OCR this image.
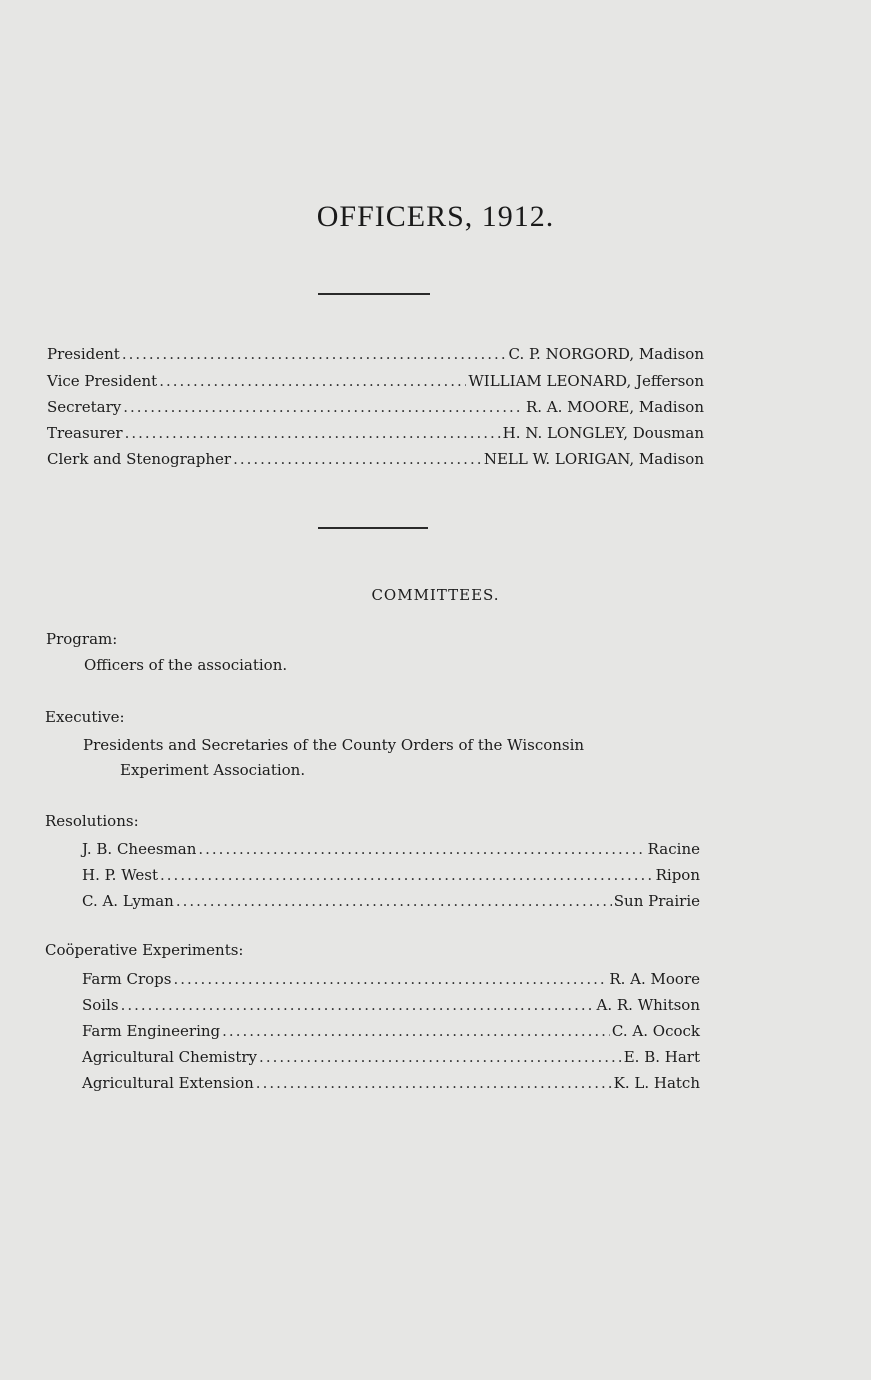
OFFICERS, 1912.
President .....	C. P. NORGORD, Madison
Vice President .....	WILLIAM LEONARD, Jefferson
Secretary .....	R. A. MOORE, Madison
Treasurer .....	H. N. LONGLEY, Dousman
Clerk and Stenographer .....	NELL W. LORIGAN, Madison
COMMITTEES.
Program:
Officers of the association.
Executive:
Presidents and Secretaries of the County Orders of the Wisconsin
Experiment Association.
Resolutions:
J. B. Cheesman .....	Racine
H. P. West .....	Ripon
C. A. Lyman .....	Sun Prairie
Coöperative Experiments:
Farm Crops .....	R. A. Moore
Soils .....	A. R. Whitson
Farm Engineering .....	C. A. Ocock
Agricultural Chemistry .....	E. B. Hart
Agricultural Extension .....	K. L. Hatch
